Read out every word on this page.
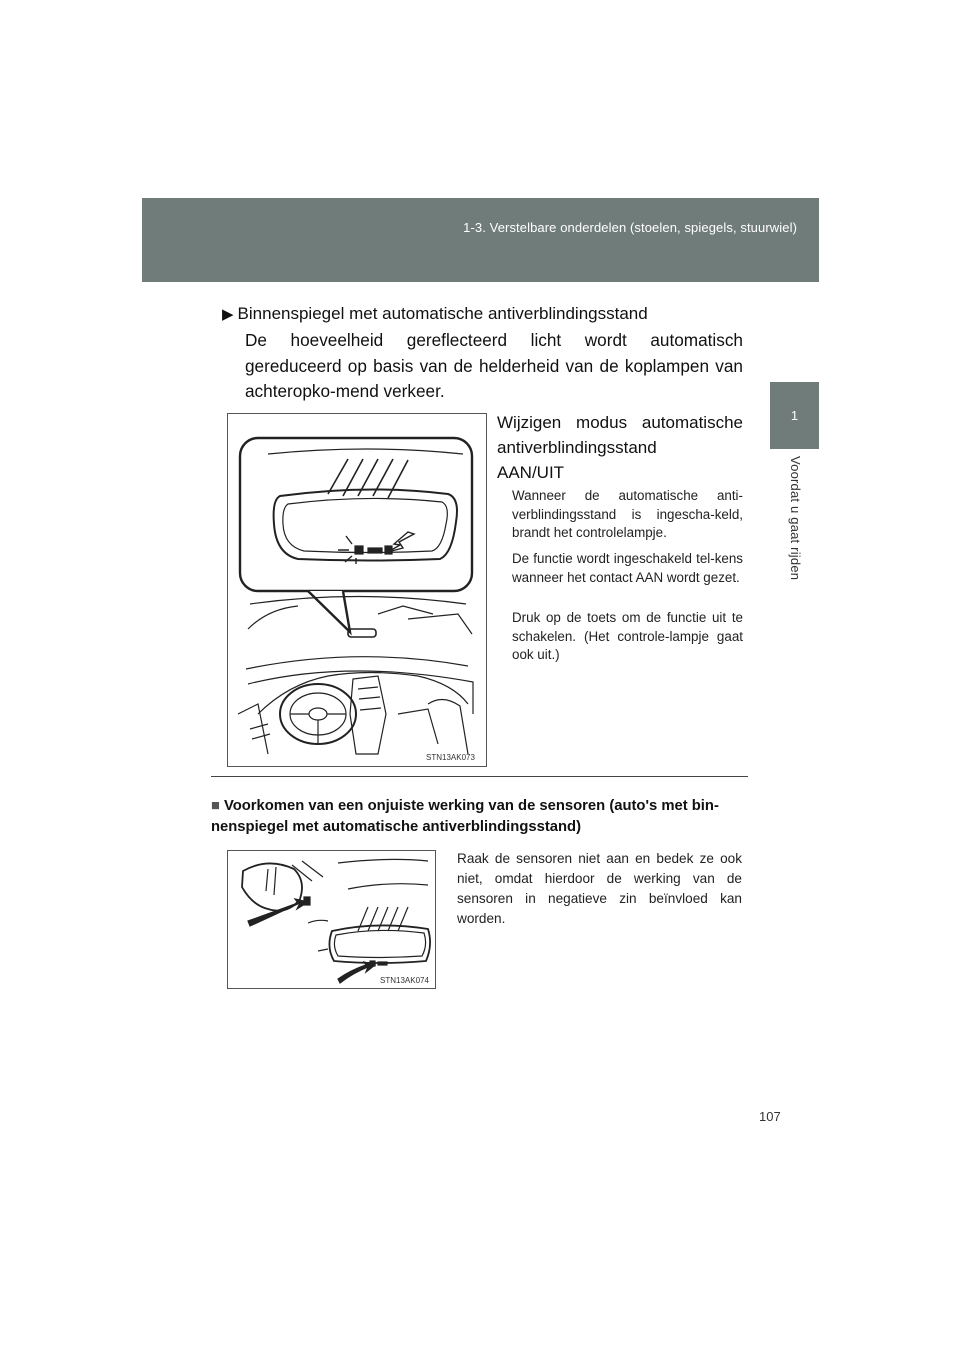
1-3. Verstelbare onderdelen (stoelen, spiegels, stuurwiel)
1
Voordat u gaat rijden
▶ Binnenspiegel met automatische antiverblindingsstand
De hoeveelheid gereflecteerd licht wordt automatisch gereduceerd op basis van de helderheid van de koplampen van achteropko-mend verkeer.
STN13AK073
Wijzigen modus automatische
antiverblindingsstand
AAN/UIT
Wanneer de automatische anti-verblindingsstand is ingescha-keld, brandt het controlelampje.
De functie wordt ingeschakeld tel-kens wanneer het contact AAN wordt gezet.
Druk op de toets om de functie uit te schakelen. (Het controle-lampje gaat ook uit.)
■ Voorkomen van een onjuiste werking van de sensoren (auto's met bin-nenspiegel met automatische antiverblindingsstand)
STN13AK074
Raak de sensoren niet aan en bedek ze ook niet, omdat hierdoor de werking van de sensoren in negatieve zin beïnvloed kan worden.
107
